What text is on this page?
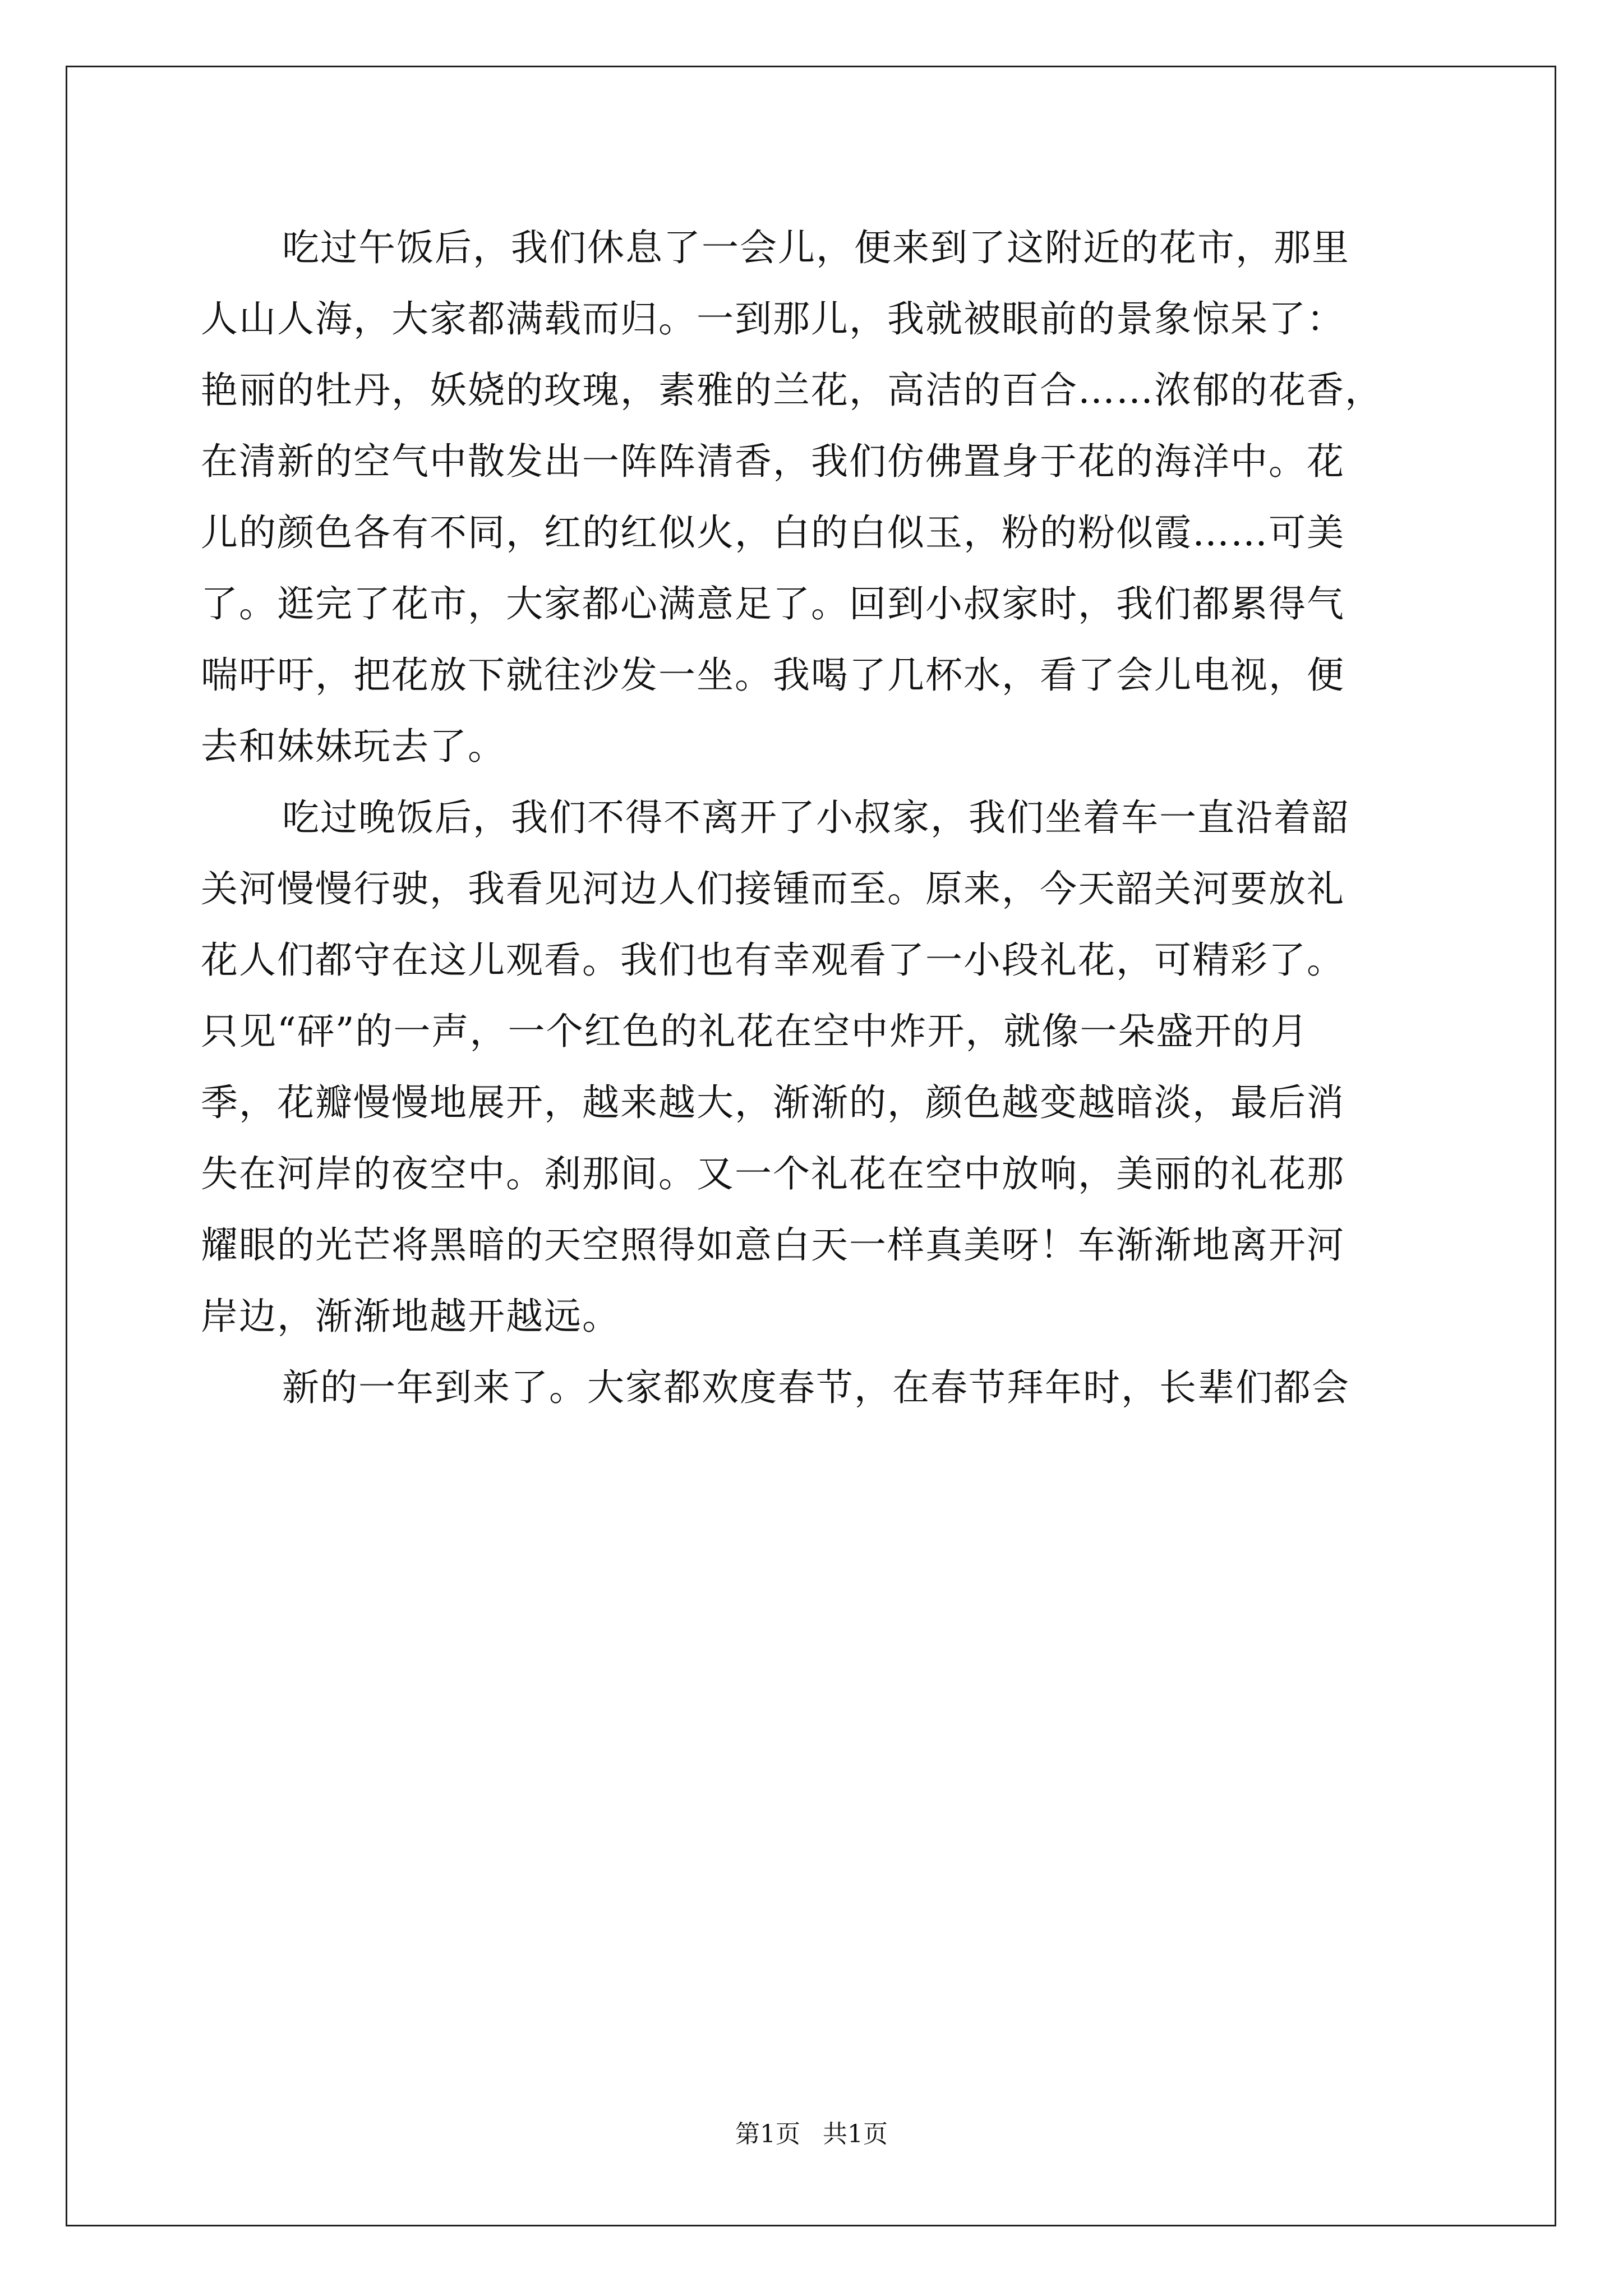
吃过午饭后，我们休息了一会儿，便来到了这附近的花市，那里
人山人海，大家都满载而归。一到那儿，我就被眼前的景象惊呆了：
艳丽的牡丹，妖娆的玫瑰，素雅的兰花，高洁的百合……浓郁的花香，
在清新的空气中散发出一阵阵清香，我们仿佛置身于花的海洋中。花
儿的颜色各有不同，红的红似火，白的白似玉，粉的粉似霞……可美
了。逛完了花市，大家都心满意足了。回到小叔家时，我们都累得气
喘吁吁，把花放下就往沙发一坐。我喝了几杯水，看了会儿电视，便
去和妹妹玩去了。

吃过晚饭后，我们不得不离开了小叔家，我们坐着车一直沿着韶
关河慢慢行驶，我看见河边人们接锺而至。原来，今天韶关河要放礼
花人们都守在这儿观看。我们也有幸观看了一小段礼花，可精彩了。
只见“砰”的一声，一个红色的礼花在空中炸开，就像一朵盛开的月
季，花瓣慢慢地展开，越来越大，渐渐的，颜色越变越暗淡，最后消
失在河岸的夜空中。刹那间。又一个礼花在空中放响，美丽的礼花那
耀眼的光芒将黑暗的天空照得如意白天一样真美呀！车渐渐地离开河
岸边，渐渐地越开越远。

新的一年到来了。大家都欢度春节，在春节拜年时，长辈们都会

第1页 共1页
